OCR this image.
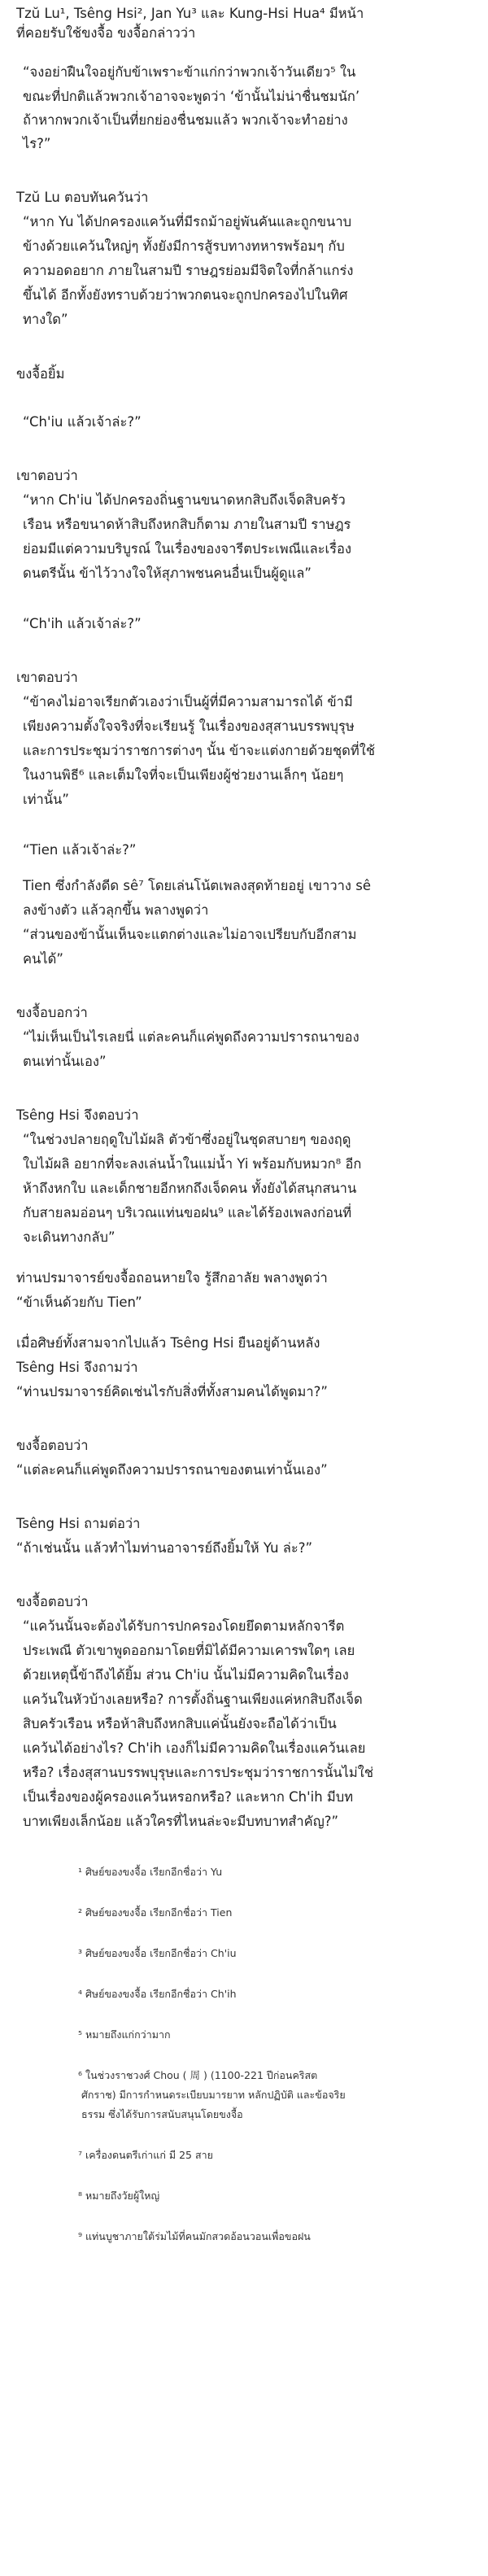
Tzŭ Lu¹, Tsêng Hsi², Jan Yu³ และ Kung-Hsi Hua⁴ มีหน้า
ที่คอยรับใช้ขงจื้อ ขงจื้อกล่าวว่า
“จงอย่าฝืนใจอยู่กับข้าเพราะข้าแก่กว่าพวกเจ้าวันเดียว⁵ ใน
ขณะที่ปกติแล้วพวกเจ้าอาจจะพูดว่า ‘ข้านั้นไม่น่าชื่นชมนัก’
ถ้าหากพวกเจ้าเป็นที่ยกย่องชื่นชมแล้ว พวกเจ้าจะทำอย่าง
ไร?”
Tzŭ Lu ตอบทันควันว่า
“หาก Yu ได้ปกครองแคว้นที่มีรถม้าอยู่พันคันและถูกขนาบ
ข้างด้วยแคว้นใหญ่ๆ ทั้งยังมีการสู้รบทางทหารพร้อมๆ กับ
ความอดอยาก ภายในสามปี ราษฎรย่อมมีจิตใจที่กล้าแกร่ง
ขึ้นได้ อีกทั้งยังทราบด้วยว่าพวกตนจะถูกปกครองไปในทิศ
ทางใด”
ขงจื้อยิ้ม
“Ch'iu แล้วเจ้าล่ะ?”
เขาตอบว่า
“หาก Ch'iu ได้ปกครองถิ่นฐานขนาดหกสิบถึงเจ็ดสิบครัว
เรือน หรือขนาดห้าสิบถึงหกสิบก็ตาม ภายในสามปี ราษฎร
ย่อมมีแต่ความบริบูรณ์ ในเรื่องของจารีตประเพณีและเรื่อง
ดนตรีนั้น ข้าไว้วางใจให้สุภาพชนคนอื่นเป็นผู้ดูแล”
“Ch'ih แล้วเจ้าล่ะ?”
เขาตอบว่า
“ข้าคงไม่อาจเรียกตัวเองว่าเป็นผู้ที่มีความสามารถได้ ข้ามี
เพียงความตั้งใจจริงที่จะเรียนรู้ ในเรื่องของสุสานบรรพบุรุษ
และการประชุมว่าราชการต่างๆ นั้น ข้าจะแต่งกายด้วยชุดที่ใช้
ในงานพิธี⁶ และเต็มใจที่จะเป็นเพียงผู้ช่วยงานเล็กๆ น้อยๆ
เท่านั้น”
“Tien แล้วเจ้าล่ะ?”
Tien ซึ่งกำลังดีด sê⁷ โดยเล่นโน้ตเพลงสุดท้ายอยู่ เขาวาง sê
ลงข้างตัว แล้วลุกขึ้น พลางพูดว่า
“ส่วนของข้านั้นเห็นจะแตกต่างและไม่อาจเปรียบกับอีกสาม
คนได้”
ขงจื้อบอกว่า
“ไม่เห็นเป็นไรเลยนี่ แต่ละคนก็แค่พูดถึงความปรารถนาของ
ตนเท่านั้นเอง”
Tsêng Hsi จึงตอบว่า
“ในช่วงปลายฤดูใบไม้ผลิ ตัวข้าซึ่งอยู่ในชุดสบายๆ ของฤดู
ใบไม้ผลิ อยากที่จะลงเล่นน้ำในแม่น้ำ Yi พร้อมกับหมวก⁸ อีก
ห้าถึงหกใบ และเด็กชายอีกหกถึงเจ็ดคน ทั้งยังได้สนุกสนาน
กับสายลมอ่อนๆ บริเวณแท่นขอฝน⁹ และได้ร้องเพลงก่อนที่
จะเดินทางกลับ”
ท่านปรมาจารย์ขงจื้อถอนหายใจ รู้สึกอาลัย พลางพูดว่า
“ข้าเห็นด้วยกับ Tien”
เมื่อศิษย์ทั้งสามจากไปแล้ว Tsêng Hsi ยืนอยู่ด้านหลัง
Tsêng Hsi จึงถามว่า
“ท่านปรมาจารย์คิดเช่นไรกับสิ่งที่ทั้งสามคนได้พูดมา?”
ขงจื้อตอบว่า
“แต่ละคนก็แค่พูดถึงความปรารถนาของตนเท่านั้นเอง”
Tsêng Hsi ถามต่อว่า
“ถ้าเช่นนั้น แล้วทำไมท่านอาจารย์ถึงยิ้มให้ Yu ล่ะ?”
ขงจื้อตอบว่า
“แคว้นนั้นจะต้องได้รับการปกครองโดยยึดตามหลักจารีต
ประเพณี ตัวเขาพูดออกมาโดยที่มิได้มีความเคารพใดๆ เลย
ด้วยเหตุนี้ข้าถึงได้ยิ้ม ส่วน Ch'iu นั้นไม่มีความคิดในเรื่อง
แคว้นในหัวบ้างเลยหรือ? การตั้งถิ่นฐานเพียงแค่หกสิบถึงเจ็ด
สิบครัวเรือน หรือห้าสิบถึงหกสิบแค่นั้นยังจะถือได้ว่าเป็น
แคว้นได้อย่างไร? Ch'ih เองก็ไม่มีความคิดในเรื่องแคว้นเลย
หรือ? เรื่องสุสานบรรพบุรุษและการประชุมว่าราชการนั้นไม่ใช่
เป็นเรื่องของผู้ครองแคว้นหรอกหรือ? และหาก Ch'ih มีบท
บาทเพียงเล็กน้อย แล้วใครที่ไหนล่ะจะมีบทบาทสำคัญ?”
¹ ศิษย์ของขงจื้อ เรียกอีกชื่อว่า Yu
² ศิษย์ของขงจื้อ เรียกอีกชื่อว่า Tien
³ ศิษย์ของขงจื้อ เรียกอีกชื่อว่า Ch'iu
⁴ ศิษย์ของขงจื้อ เรียกอีกชื่อว่า Ch'ih
⁵ หมายถึงแก่กว่ามาก
⁶ ในช่วงราชวงศ์ Chou ( 周 ) (1100-221 ปีก่อนคริสต
ศักราช) มีการกำหนดระเบียบมารยาท หลักปฏิบัติ และข้อจริย
ธรรม ซึ่งได้รับการสนับสนุนโดยขงจื้อ
⁷ เครื่องดนตรีเก่าแก่ มี 25 สาย
⁸ หมายถึงวัยผู้ใหญ่
⁹ แท่นบูชาภายใต้ร่มไม้ที่คนมักสวดอ้อนวอนเพื่อขอฝน
